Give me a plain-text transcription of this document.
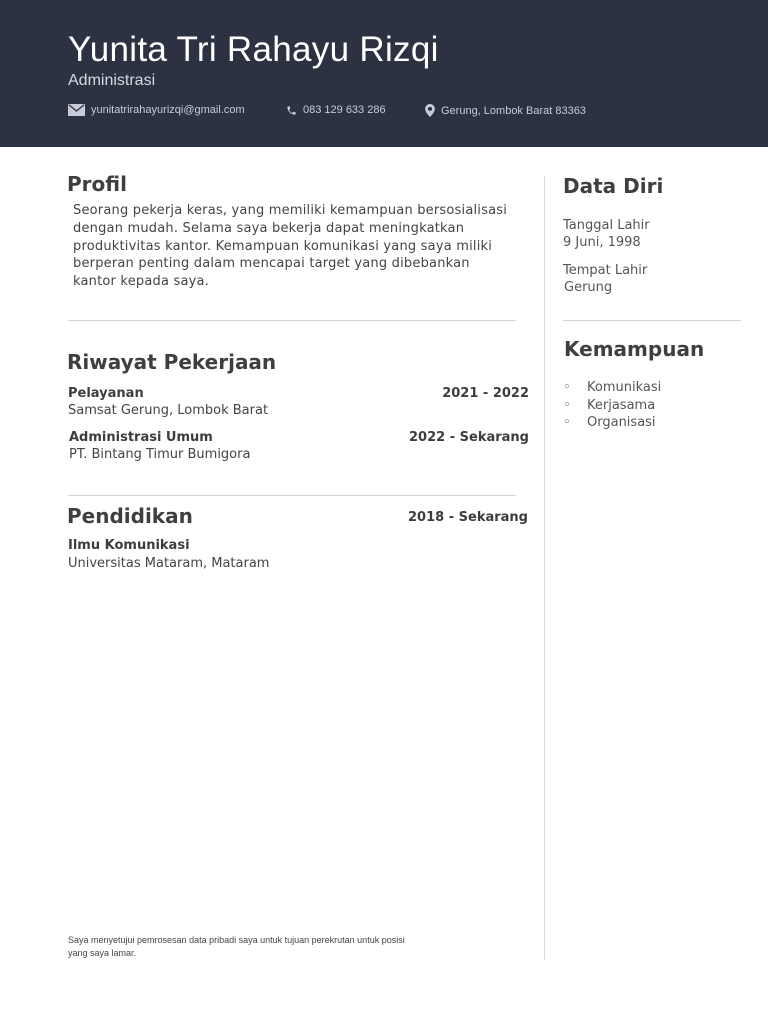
Yunita Tri Rahayu Rizqi
Administrasi
yunitatrirahayurizqi@gmail.com	083 129 633 286	Gerung, Lombok Barat 83363
Profil
Seorang pekerja keras, yang memiliki kemampuan bersosialisasi
dengan mudah. Selama saya bekerja dapat meningkatkan
produktivitas kantor. Kemampuan komunikasi yang saya miliki
berperan penting dalam mencapai target yang dibebankan
kantor kepada saya.
Riwayat Pekerjaan
Pelayanan	2021 - 2022
Samsat Gerung, Lombok Barat
Administrasi Umum	2022 - Sekarang
PT. Bintang Timur Bumigora
Pendidikan	2018 - Sekarang
Ilmu Komunikasi
Universitas Mataram, Mataram
Data Diri
Tanggal Lahir
9 Juni, 1998
Tempat Lahir
Gerung
Kemampuan
◦ Komunikasi
◦ Kerjasama
◦ Organisasi
Saya menyetujui pemrosesan data pribadi saya untuk tujuan perekrutan untuk posisi
yang saya lamar.
